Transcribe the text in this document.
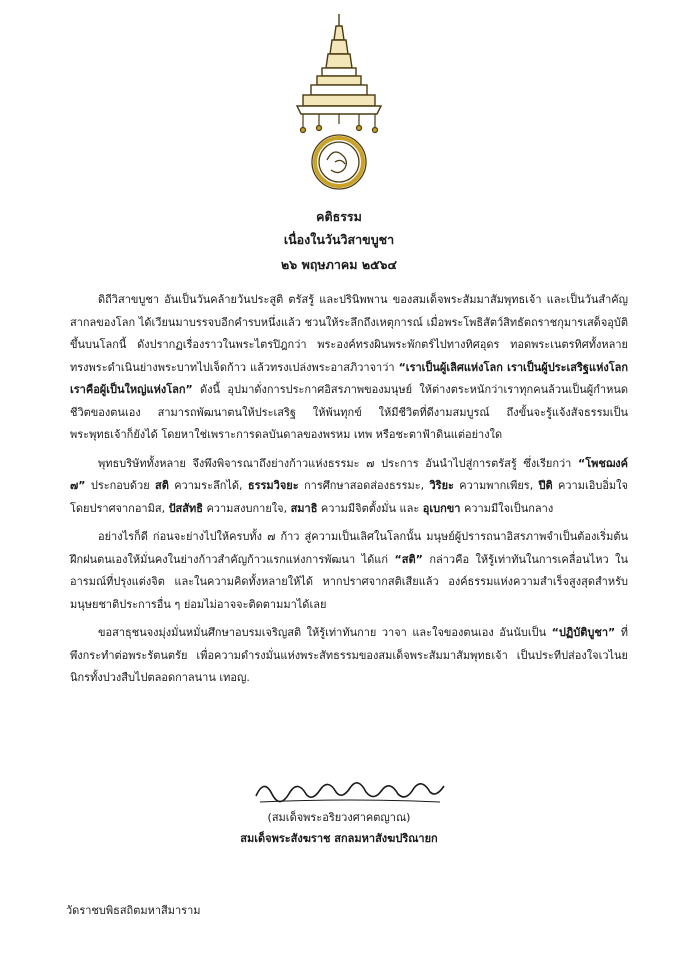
คติธรรม
เนื่องในวันวิสาขบูชา
๒๖ พฤษภาคม ๒๕๖๔

ดิถีวิสาขบูชา อันเป็นวันคล้ายวันประสูติ ตรัสรู้ และปรินิพพาน ของสมเด็จพระสัมมาสัมพุทธเจ้า และเป็นวันสำคัญสากลของโลก ได้เวียนมาบรรจบอีกคำรบหนึ่งแล้ว ชวนให้ระลึกถึงเหตุการณ์ เมื่อพระโพธิสัตว์สิทธัตถราชกุมารเสด็จอุบัติขึ้นบนโลกนี้ ดังปรากฏเรื่องราวในพระไตรปิฎกว่า พระองค์ทรงผินพระพักตร์ไปทางทิศอุดร ทอดพระเนตรทิศทั้งหลาย ทรงพระดำเนินย่างพระบาทไปเจ็ดก้าว แล้วทรงเปล่งพระอาสภิวาจาว่า “เราเป็นผู้เลิศแห่งโลก เราเป็นผู้ประเสริฐแห่งโลก เราคือผู้เป็นใหญ่แห่งโลก” ดังนี้ อุปมาดั่งการประกาศอิสรภาพของมนุษย์ ให้ต่างตระหนักว่าเราทุกคนล้วนเป็นผู้กำหนดชีวิตของตนเอง สามารถพัฒนาตนให้ประเสริฐ ให้พ้นทุกข์ ให้มีชีวิตที่ดีงามสมบูรณ์ ถึงขั้นจะรู้แจ้งสัจธรรมเป็นพระพุทธเจ้าก็ยังได้ โดยหาใช่เพราะการดลบันดาลของพรหม เทพ หรือชะตาฟ้าดินแต่อย่างใด

พุทธบริษัททั้งหลาย จึงพึงพิจารณาถึงย่างก้าวแห่งธรรมะ ๗ ประการ อันนำไปสู่การตรัสรู้ ซึ่งเรียกว่า “โพชฌงค์ ๗” ประกอบด้วย สติ ความระลึกได้, ธรรมวิจยะ การศึกษาสอดส่องธรรมะ, วิริยะ ความพากเพียร, ปีติ ความเอิบอิ่มใจโดยปราศจากอามิส, ปัสสัทธิ ความสงบกายใจ, สมาธิ ความมีจิตตั้งมั่น และ อุเบกขา ความมีใจเป็นกลาง

อย่างไรก็ดี ก่อนจะย่างไปให้ครบทั้ง ๗ ก้าว สู่ความเป็นเลิศในโลกนั้น มนุษย์ผู้ปรารถนาอิสรภาพจำเป็นต้องเริ่มต้นฝึกฝนตนเองให้มั่นคงในย่างก้าวสำคัญก้าวแรกแห่งการพัฒนา ได้แก่ “สติ” กล่าวคือ ให้รู้เท่าทันในการเคลื่อนไหว ในอารมณ์ที่ปรุงแต่งจิต และในความคิดทั้งหลายให้ได้ หากปราศจากสติเสียแล้ว องค์ธรรมแห่งความสำเร็จสูงสุดสำหรับมนุษยชาติประการอื่น ๆ ย่อมไม่อาจจะติดตามมาได้เลย

ขอสาธุชนจงมุ่งมั่นหมั่นศึกษาอบรมเจริญสติ ให้รู้เท่าทันกาย วาจา และใจของตนเอง อันนับเป็น “ปฏิบัติบูชา” ที่พึงกระทำต่อพระรัตนตรัย เพื่อความดำรงมั่นแห่งพระสัทธรรมของสมเด็จพระสัมมาสัมพุทธเจ้า เป็นประทีปส่องใจเวไนยนิกรทั้งปวงสืบไปตลอดกาลนาน เทอญ.

(สมเด็จพระอริยวงศาคตญาณ)
สมเด็จพระสังฆราช สกลมหาสังฆปริณายก
วัดราชบพิธสถิตมหาสีมาราม
